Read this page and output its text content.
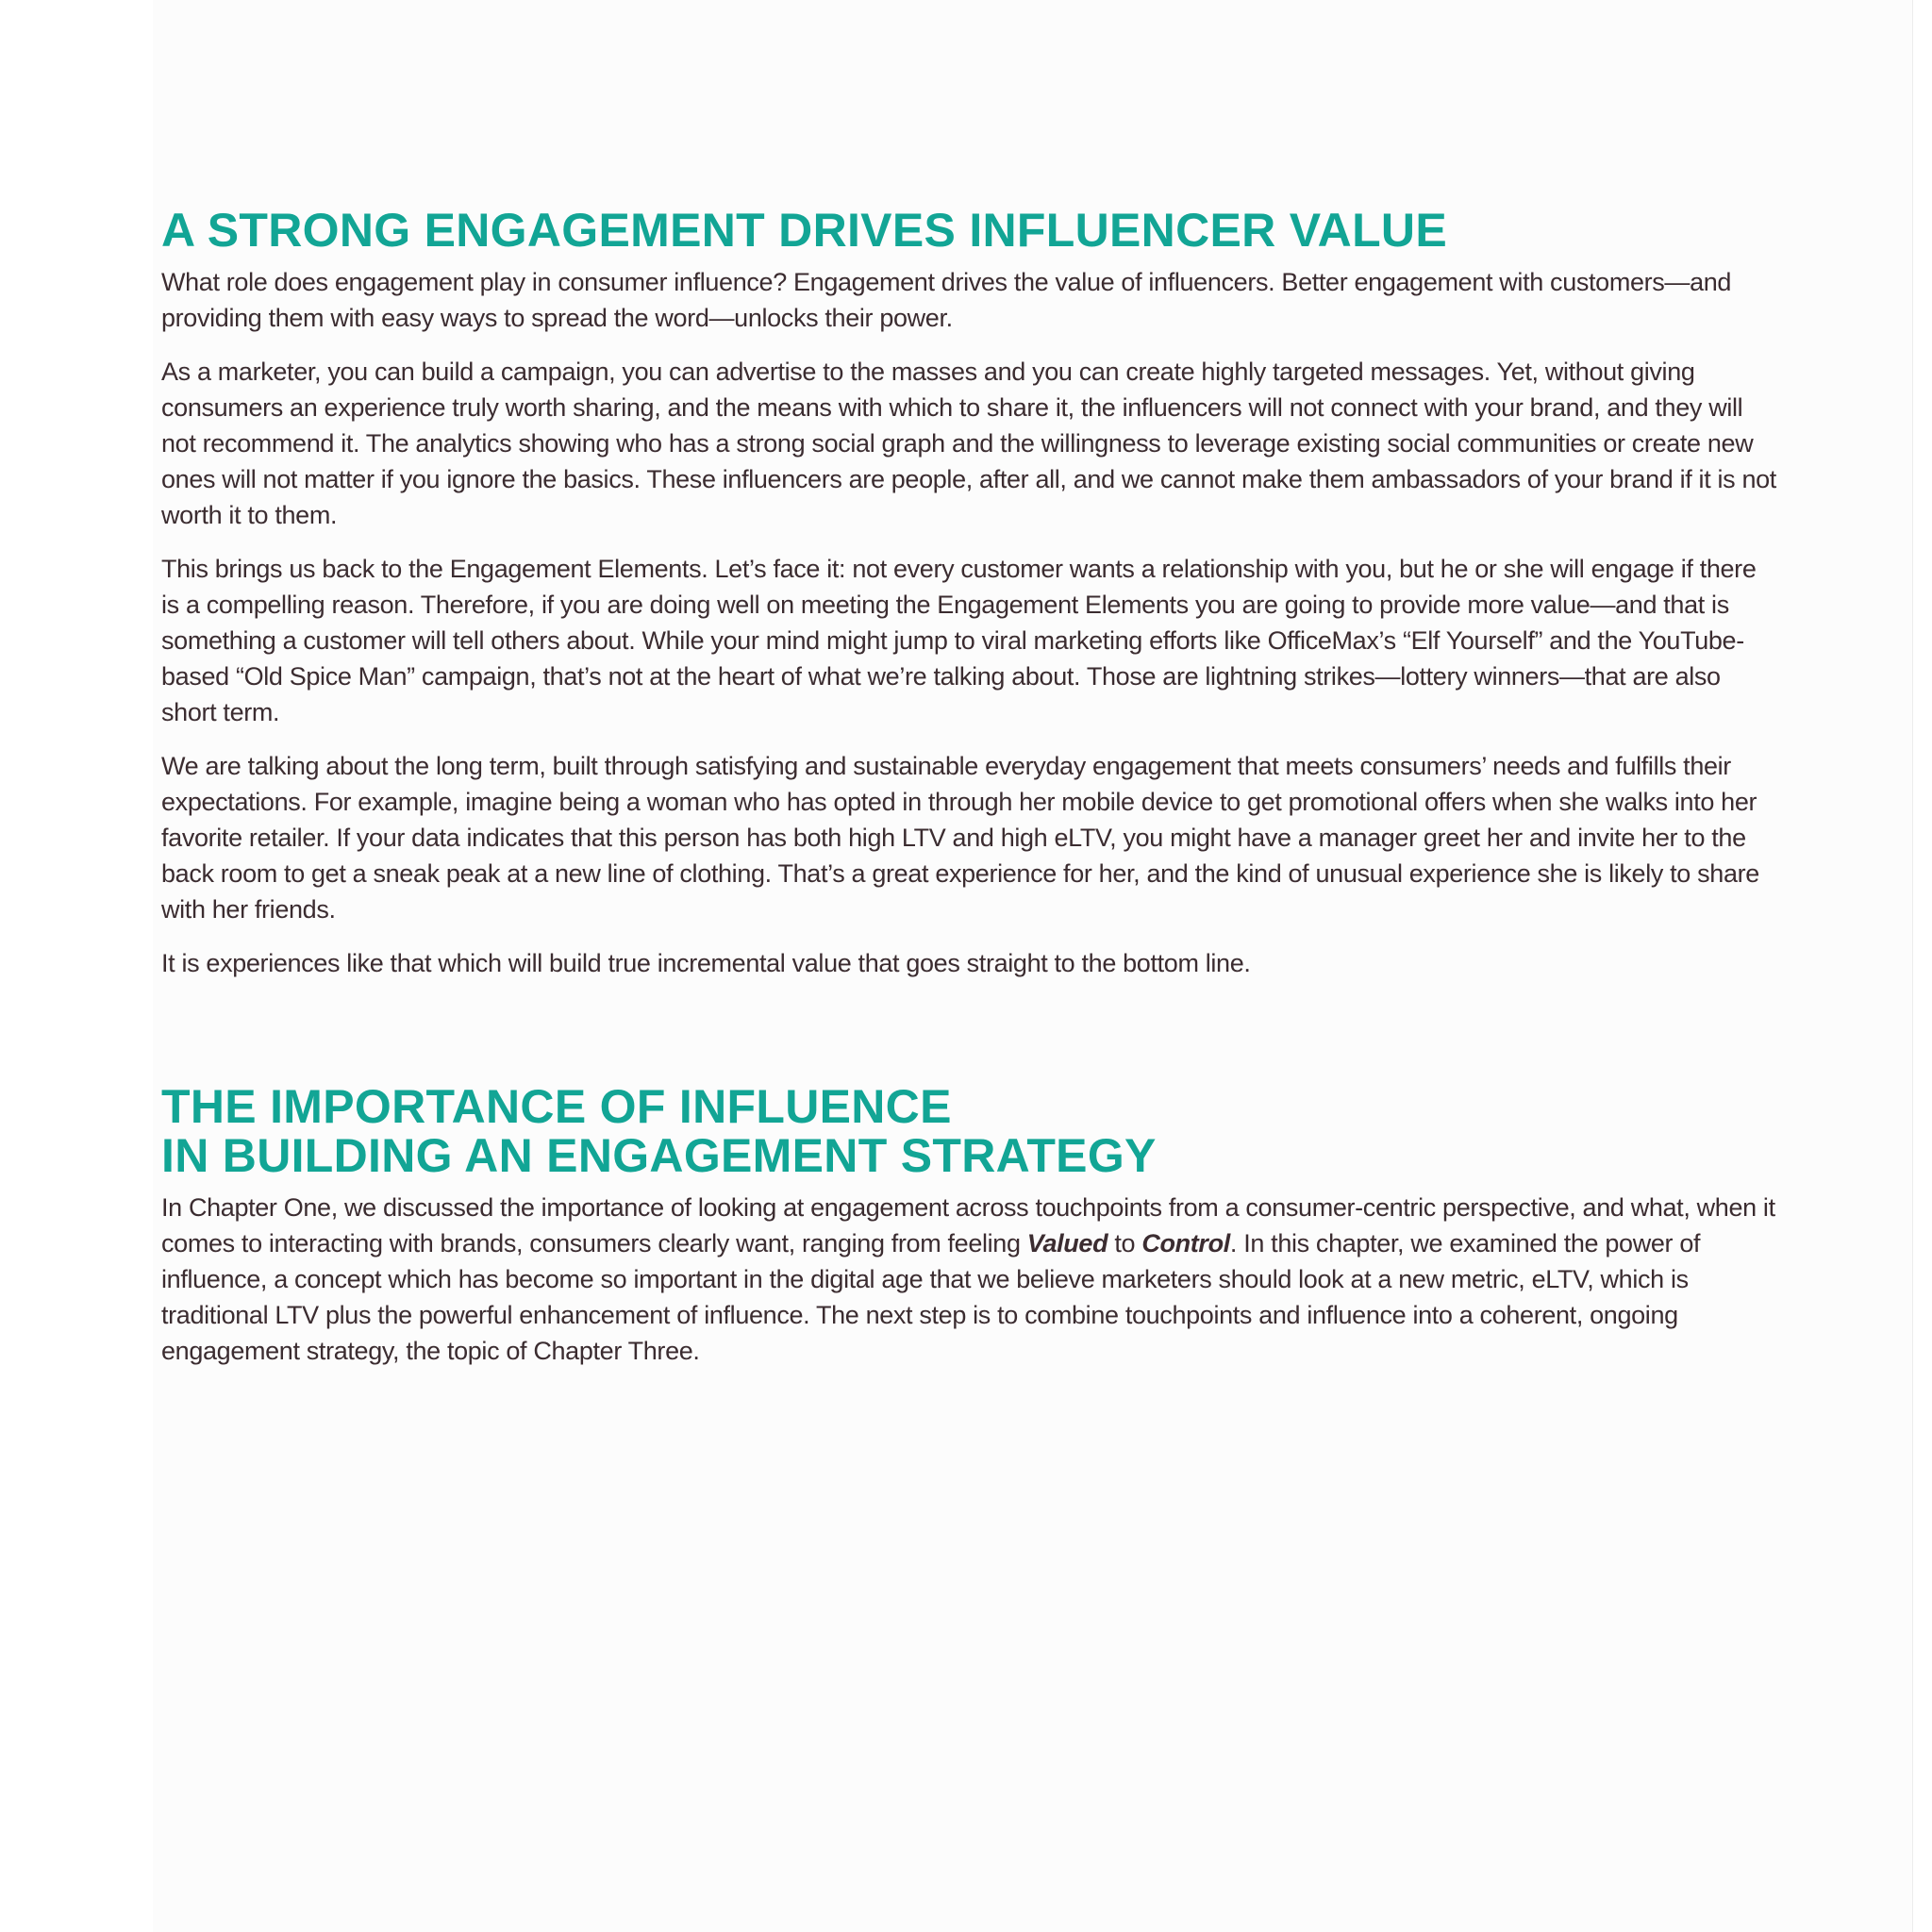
A STRONG ENGAGEMENT DRIVES INFLUENCER VALUE

What role does engagement play in consumer influence? Engagement drives the value of influencers. Better engagement with customers—and providing them with easy ways to spread the word—unlocks their power.

As a marketer, you can build a campaign, you can advertise to the masses and you can create highly targeted messages. Yet, without giving consumers an experience truly worth sharing, and the means with which to share it, the influencers will not connect with your brand, and they will not recommend it. The analytics showing who has a strong social graph and the willingness to leverage existing social communities or create new ones will not matter if you ignore the basics. These influencers are people, after all, and we cannot make them ambassadors of your brand if it is not worth it to them.

This brings us back to the Engagement Elements. Let’s face it: not every customer wants a relationship with you, but he or she will engage if there is a compelling reason. Therefore, if you are doing well on meeting the Engagement Elements you are going to provide more value—and that is something a customer will tell others about. While your mind might jump to viral marketing efforts like OfficeMax’s “Elf Yourself” and the YouTube-based “Old Spice Man” campaign, that’s not at the heart of what we’re talking about. Those are lightning strikes—lottery winners—that are also short term.

We are talking about the long term, built through satisfying and sustainable everyday engagement that meets consumers’ needs and fulfills their expectations. For example, imagine being a woman who has opted in through her mobile device to get promotional offers when she walks into her favorite retailer. If your data indicates that this person has both high LTV and high eLTV, you might have a manager greet her and invite her to the back room to get a sneak peak at a new line of clothing. That’s a great experience for her, and the kind of unusual experience she is likely to share with her friends.

It is experiences like that which will build true incremental value that goes straight to the bottom line.

THE IMPORTANCE OF INFLUENCE
IN BUILDING AN ENGAGEMENT STRATEGY

In Chapter One, we discussed the importance of looking at engagement across touchpoints from a consumer-centric perspective, and what, when it comes to interacting with brands, consumers clearly want, ranging from feeling Valued to Control. In this chapter, we examined the power of influence, a concept which has become so important in the digital age that we believe marketers should look at a new metric, eLTV, which is traditional LTV plus the powerful enhancement of influence. The next step is to combine touchpoints and influence into a coherent, ongoing engagement strategy, the topic of Chapter Three.
